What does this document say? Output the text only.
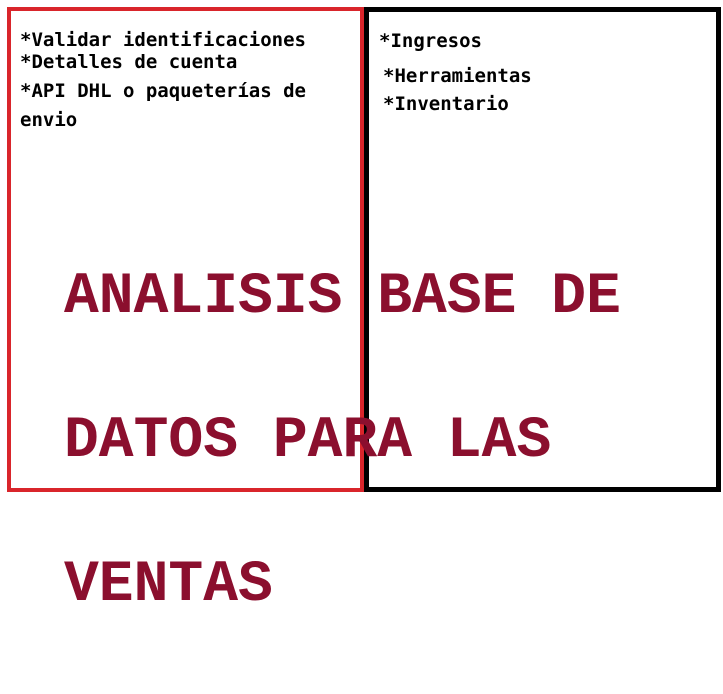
*Validar identificaciones
*Detalles de cuenta
*API DHL o paqueterías de
envio
*Ingresos
*Herramientas
*Inventario

ANALISIS BASE DE

DATOS PARA LAS

VENTAS
